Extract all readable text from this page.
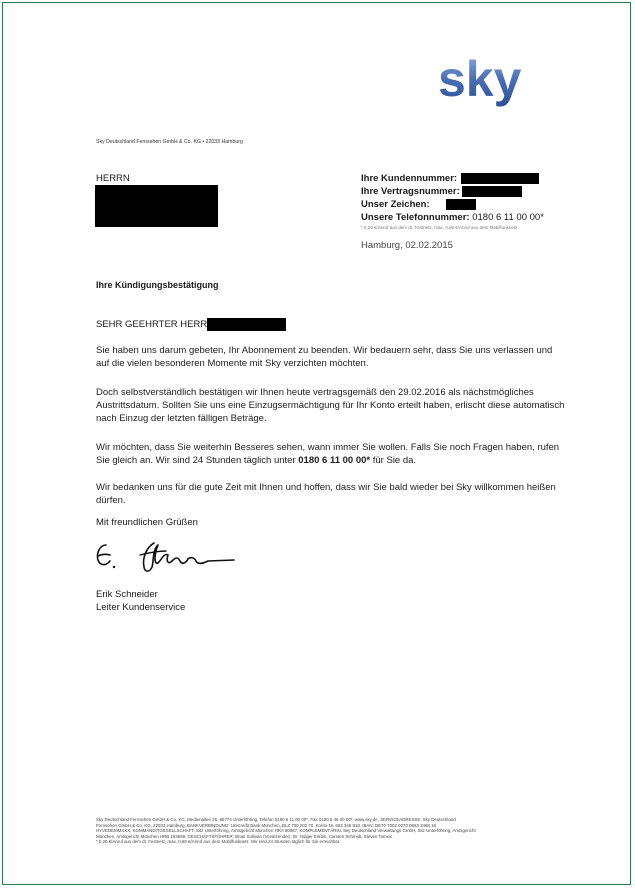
sky
Sky Deutschland Fernsehen GmbH & Co. KG • 22033 Hamburg
HERRN	Ihre Kundennummer:
Ihre Vertragsnummer:
Unser Zeichen:
Unsere Telefonnummer: 0180 6 11 00 00*
* 0,20 €/Anruf aus dem dt. Festnetz, max. 0,60 €/Anruf aus dem Mobilfunknetz
Hamburg, 02.02.2015
Ihre Kündigungsbestätigung
SEHR GEEHRTER HERR
Sie haben uns darum gebeten, Ihr Abonnement zu beenden. Wir bedauern sehr, dass Sie uns verlassen und auf die vielen besonderen Momente mit Sky verzichten möchten.
Doch selbstverständlich bestätigen wir Ihnen heute vertragsgemäß den 29.02.2016 als nächstmögliches Austrittsdatum. Sollten Sie uns eine Einzugsermächtigung für Ihr Konto erteilt haben, erlischt diese automatisch nach Einzug der letzten fälligen Beträge.
Wir möchten, dass Sie weiterhin Besseres sehen, wann immer Sie wollen. Falls Sie noch Fragen haben, rufen Sie gleich an. Wir sind 24 Stunden täglich unter 0180 6 11 00 00* für Sie da.
Wir bedanken uns für die gute Zeit mit Ihnen und hoffen, dass wir Sie bald wieder bei Sky willkommen heißen dürfen.
Mit freundlichen Grüßen
Erik Schneider
Leiter Kundenservice
Sky Deutschland Fernsehen GmbH & Co. KG, Medienallee 26, 85774 Unterföhring, Telefon 0180 6 11 00 00*, Fax 0180 5 46 00 00*, www.sky.de, SERVICEADRESSE: Sky Deutschland
Fernsehen GmbH & Co. KG, 22033 Hamburg, BANKVERBINDUNG: UniCredit Bank München, BLZ 700 202 70, Konto-Nr. 663 346 818, IBAN: DE70 7002 0270 0663 3468 18
HYVEDEMMXXX, KOMMANDITGESELLSCHAFT: Sitz Unterföhring, Amtsgericht München HRA 90087, KOMPLEMENTÄRIN: Sky Deutschland Verwaltungs GmbH, Sitz Unterföhring, Amtsgericht
München, Amtsgericht München HRB 193659, GESCHÄFTSFÜHRER: Brian Sullivan (Vorsitzender), Dr. Holger Enßlin, Carsten Schmidt, Steven Tomsic
* 0,20 €/Anruf aus dem dt. Festnetz, max. 0,60 €/Anruf aus dem Mobilfunknetz. Wir sind 24 Stunden täglich für Sie erreichbar.
